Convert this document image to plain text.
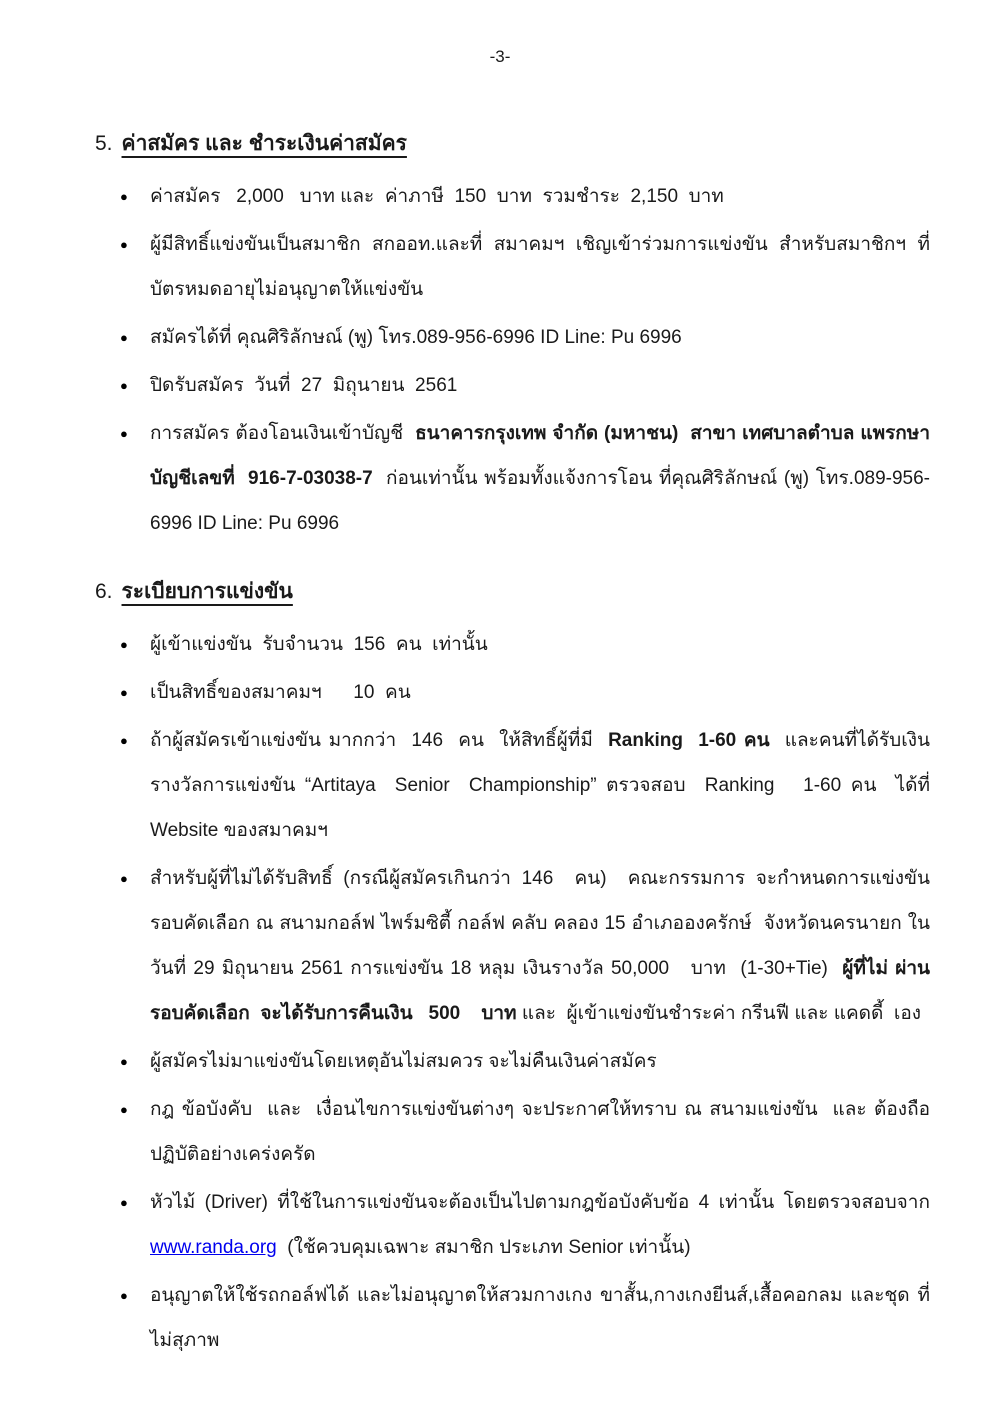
-3-
5. ค่าสมัคร และ ชำระเงินค่าสมัคร
●	ค่าสมัคร   2,000   บาท และ  ค่าภาษี  150  บาท  รวมชำระ  2,150  บาท
●	ผู้มีสิทธิ์แข่งขันเป็นสมาชิก สกออท.และที่ สมาคมฯ เชิญเข้าร่วมการแข่งขัน สำหรับสมาชิกฯ ที่ บัตรหมดอายุไม่อนุญาตให้แข่งขัน
●	สมัครได้ที่ คุณศิริลักษณ์ (พู) โทร.089-956-6996 ID Line: Pu 6996
●	ปิดรับสมัคร  วันที่  27  มิถุนายน  2561
●	การสมัคร ต้องโอนเงินเข้าบัญชี  ธนาคารกรุงเทพ จำกัด (มหาชน)  สาขา เทศบาลตำบล แพรกษา  บัญชีเลขที่  916-7-03038-7  ก่อนเท่านั้น พร้อมทั้งแจ้งการโอน ที่คุณศิริลักษณ์ (พู) โทร.089-956-6996 ID Line: Pu 6996
6. ระเบียบการแข่งขัน
●	ผู้เข้าแข่งขัน  รับจำนวน  156  คน  เท่านั้น
●	เป็นสิทธิ์ของสมาคมฯ      10  คน
●	ถ้าผู้สมัครเข้าแข่งขัน มากกว่า  146  คน  ให้สิทธิ์ผู้ที่มี  Ranking  1-60 คน  และคนที่ได้รับเงิน รางวัลการแข่งขัน “Artitaya  Senior  Championship” ตรวจสอบ  Ranking   1-60 คน  ได้ที่ Website ของสมาคมฯ
●	สำหรับผู้ที่ไม่ได้รับสิทธิ์ (กรณีผู้สมัครเกินกว่า 146  คน)  คณะกรรมการ จะกำหนดการแข่งขัน รอบคัดเลือก ณ สนามกอล์ฟ ไพร์มซิตี้ กอล์ฟ คลับ คลอง 15 อำเภอองครักษ์  จังหวัดนครนายก ในวันที่ 29 มิถุนายน 2561 การแข่งขัน 18 หลุม เงินรางวัล 50,000   บาท  (1-30+Tie)  ผู้ที่ไม่ ผ่านรอบคัดเลือก  จะได้รับการคืนเงิน   500    บาท และ  ผู้เข้าแข่งขันชำระค่า กรีนฟี และ แคดดี้  เอง
●	ผู้สมัครไม่มาแข่งขันโดยเหตุอันไม่สมควร จะไม่คืนเงินค่าสมัคร
●	กฎ ข้อบังคับ  และ  เงื่อนไขการแข่งขันต่างๆ จะประกาศให้ทราบ ณ สนามแข่งขัน  และ ต้องถือ ปฏิบัติอย่างเคร่งครัด
●	หัวไม้ (Driver) ที่ใช้ในการแข่งขันจะต้องเป็นไปตามกฎข้อบังคับข้อ 4 เท่านั้น โดยตรวจสอบจาก www.randa.org  (ใช้ควบคุมเฉพาะ สมาชิก ประเภท Senior เท่านั้น)
●	อนุญาตให้ใช้รถกอล์ฟได้ และไม่อนุญาตให้สวมกางเกง ขาสั้น,กางเกงยีนส์,เสื้อคอกลม และชุด ที่ไม่สุภาพ
